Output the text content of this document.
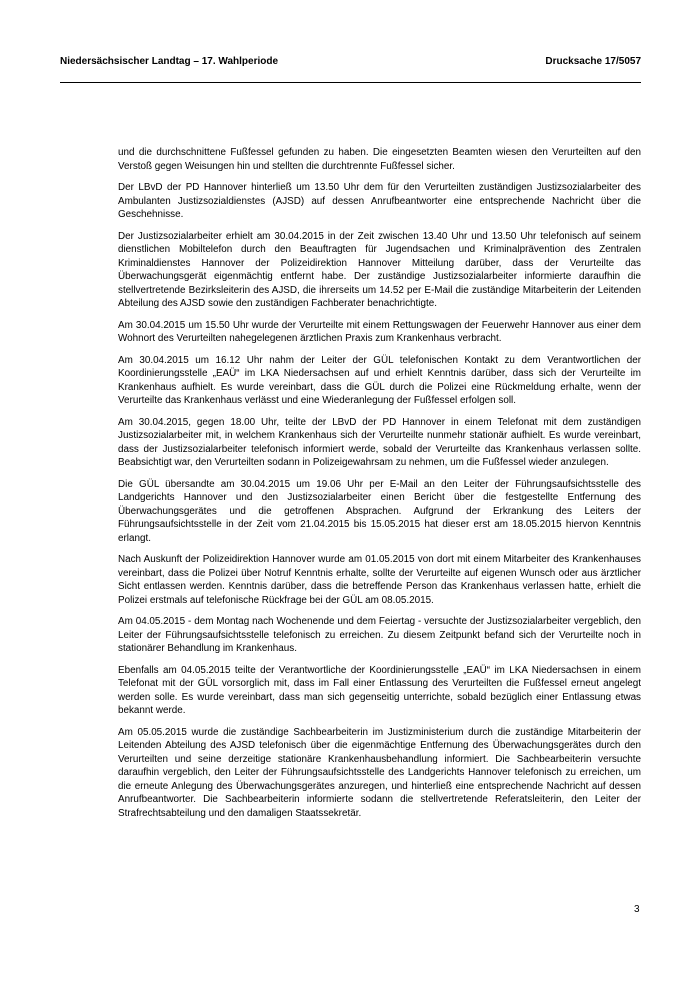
Niedersächsischer Landtag – 17. Wahlperiode	Drucksache 17/5057

und die durchschnittene Fußfessel gefunden zu haben. Die eingesetzten Beamten wiesen den Verurteilten auf den Verstoß gegen Weisungen hin und stellten die durchtrennte Fußfessel sicher.

Der LBvD der PD Hannover hinterließ um 13.50 Uhr dem für den Verurteilten zuständigen Justizsozialarbeiter des Ambulanten Justizsozialdienstes (AJSD) auf dessen Anrufbeantworter eine entsprechende Nachricht über die Geschehnisse.

Der Justizsozialarbeiter erhielt am 30.04.2015 in der Zeit zwischen 13.40 Uhr und 13.50 Uhr telefonisch auf seinem dienstlichen Mobiltelefon durch den Beauftragten für Jugendsachen und Kriminalprävention des Zentralen Kriminaldienstes Hannover der Polizeidirektion Hannover Mitteilung darüber, dass der Verurteilte das Überwachungsgerät eigenmächtig entfernt habe. Der zuständige Justizsozialarbeiter informierte daraufhin die stellvertretende Bezirksleiterin des AJSD, die ihrerseits um 14.52 per E-Mail die zuständige Mitarbeiterin der Leitenden Abteilung des AJSD sowie den zuständigen Fachberater benachrichtigte.

Am 30.04.2015 um 15.50 Uhr wurde der Verurteilte mit einem Rettungswagen der Feuerwehr Hannover aus einer dem Wohnort des Verurteilten nahegelegenen ärztlichen Praxis zum Krankenhaus verbracht.

Am 30.04.2015 um 16.12 Uhr nahm der Leiter der GÜL telefonischen Kontakt zu dem Verantwortlichen der Koordinierungsstelle „EAÜ“ im LKA Niedersachsen auf und erhielt Kenntnis darüber, dass sich der Verurteilte im Krankenhaus aufhielt. Es wurde vereinbart, dass die GÜL durch die Polizei eine Rückmeldung erhalte, wenn der Verurteilte das Krankenhaus verlässt und eine Wiederanlegung der Fußfessel erfolgen soll.

Am 30.04.2015, gegen 18.00 Uhr, teilte der LBvD der PD Hannover in einem Telefonat mit dem zuständigen Justizsozialarbeiter mit, in welchem Krankenhaus sich der Verurteilte nunmehr stationär aufhielt. Es wurde vereinbart, dass der Justizsozialarbeiter telefonisch informiert werde, sobald der Verurteilte das Krankenhaus verlassen sollte. Beabsichtigt war, den Verurteilten sodann in Polizeigewahrsam zu nehmen, um die Fußfessel wieder anzulegen.

Die GÜL übersandte am 30.04.2015 um 19.06 Uhr per E-Mail an den Leiter der Führungsaufsichtsstelle des Landgerichts Hannover und den Justizsozialarbeiter einen Bericht über die festgestellte Entfernung des Überwachungsgerätes und die getroffenen Absprachen. Aufgrund der Erkrankung des Leiters der Führungsaufsichtsstelle in der Zeit vom 21.04.2015 bis 15.05.2015 hat dieser erst am 18.05.2015 hiervon Kenntnis erlangt.

Nach Auskunft der Polizeidirektion Hannover wurde am 01.05.2015 von dort mit einem Mitarbeiter des Krankenhauses vereinbart, dass die Polizei über Notruf Kenntnis erhalte, sollte der Verurteilte auf eigenen Wunsch oder aus ärztlicher Sicht entlassen werden. Kenntnis darüber, dass die betreffende Person das Krankenhaus verlassen hatte, erhielt die Polizei erstmals auf telefonische Rückfrage bei der GÜL am 08.05.2015.

Am 04.05.2015 - dem Montag nach Wochenende und dem Feiertag - versuchte der Justizsozialarbeiter vergeblich, den Leiter der Führungsaufsichtsstelle telefonisch zu erreichen. Zu diesem Zeitpunkt befand sich der Verurteilte noch in stationärer Behandlung im Krankenhaus.

Ebenfalls am 04.05.2015 teilte der Verantwortliche der Koordinierungsstelle „EAÜ“ im LKA Niedersachsen in einem Telefonat mit der GÜL vorsorglich mit, dass im Fall einer Entlassung des Verurteilten die Fußfessel erneut angelegt werden solle. Es wurde vereinbart, dass man sich gegenseitig unterrichte, sobald bezüglich einer Entlassung etwas bekannt werde.

Am 05.05.2015 wurde die zuständige Sachbearbeiterin im Justizministerium durch die zuständige Mitarbeiterin der Leitenden Abteilung des AJSD telefonisch über die eigenmächtige Entfernung des Überwachungsgerätes durch den Verurteilten und seine derzeitige stationäre Krankenhausbehandlung informiert. Die Sachbearbeiterin versuchte daraufhin vergeblich, den Leiter der Führungsaufsichtsstelle des Landgerichts Hannover telefonisch zu erreichen, um die erneute Anlegung des Überwachungsgerätes anzuregen, und hinterließ eine entsprechende Nachricht auf dessen Anrufbeantworter. Die Sachbearbeiterin informierte sodann die stellvertretende Referatsleiterin, den Leiter der Strafrechtsabteilung und den damaligen Staatssekretär.

3
